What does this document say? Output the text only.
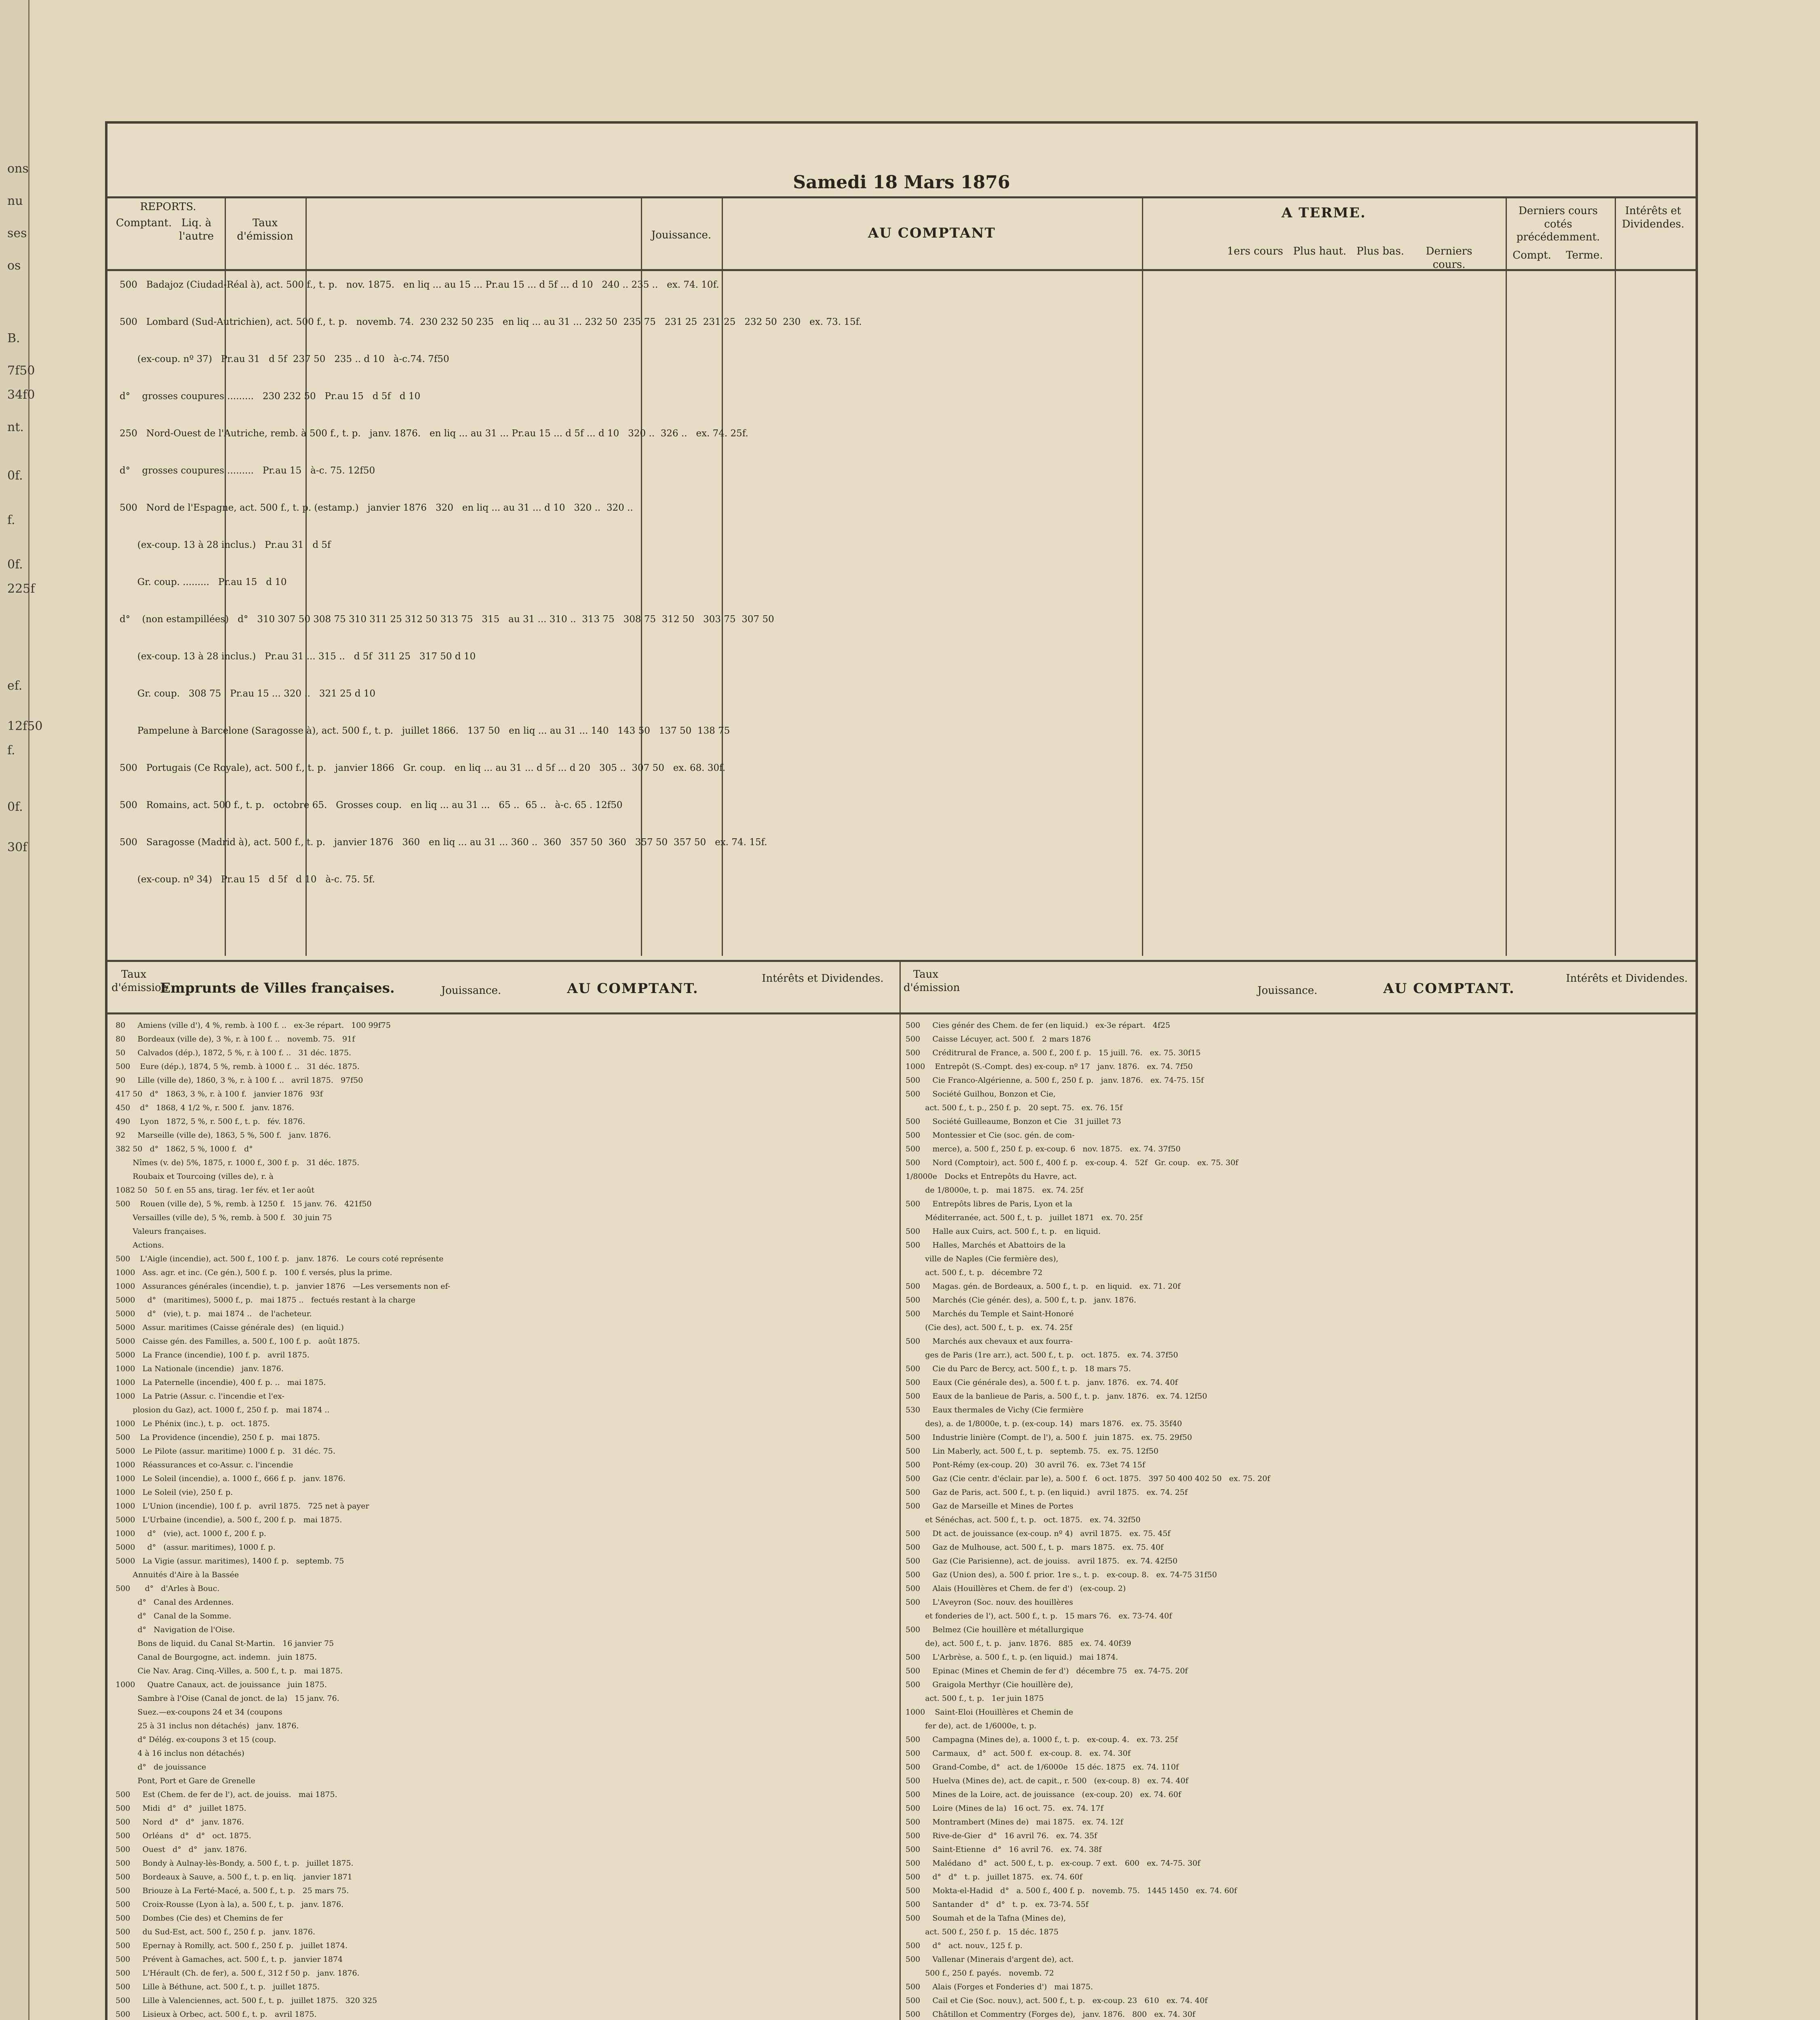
ons
nu
ses
os
B.
7f50
34f0
nt.
0f.
f.
0f.
225f
ef.
12f50
f.
0f.
30f
Samedi 18 Mars 1876
REPORTS.
Comptant. Liq. à l'autre
Taux d'émission	Jouissance.	AU COMPTANT
A TERME.
1ers cours Plus haut. Plus bas.	Derniers cours.
Derniers cours cotés précédemment.
Compt.	Terme.
Intérêts et Dividendes.
500   Badajoz (Ciudad-Réal à), act. 500 f., t. p.   nov. 1875.   en liq ... au 15 ... Pr.au 15 ... d 5f ... d 10   240 .. 235 ..   ex. 74. 10f.
500   Lombard (Sud-Autrichien), act. 500 f., t. p.   novemb. 74.  230 232 50 235   en liq ... au 31 ... 232 50  235 75   231 25  231 25   232 50  230   ex. 73. 15f.
(ex-coup. nº 37)   Pr.au 31   d 5f  237 50   235 .. d 10   à-c.74. 7f50
d°    grosses coupures .........   230 232 50   Pr.au 15   d 5f   d 10
250   Nord-Ouest de l'Autriche, remb. à 500 f., t. p.   janv. 1876.   en liq ... au 31 ... Pr.au 15 ... d 5f ... d 10   320 ..  326 ..   ex. 74. 25f.
d°    grosses coupures .........   Pr.au 15   à-c. 75. 12f50
500   Nord de l'Espagne, act. 500 f., t. p. (estamp.)   janvier 1876   320   en liq ... au 31 ... d 10   320 ..  320 ..
(ex-coup. 13 à 28 inclus.)   Pr.au 31   d 5f
Gr. coup. .........   Pr.au 15   d 10
d°    (non estampillées)   d°   310 307 50 308 75 310 311 25 312 50 313 75   315   au 31 ... 310 ..  313 75   308 75  312 50   303 75  307 50
(ex-coup. 13 à 28 inclus.)   Pr.au 31 ... 315 ..   d 5f  311 25   317 50 d 10
Gr. coup.   308 75   Pr.au 15 ... 320 ..   321 25 d 10
Pampelune à Barcelone (Saragosse à), act. 500 f., t. p.   juillet 1866.   137 50   en liq ... au 31 ... 140   143 50   137 50  138 75
500   Portugais (Ce Royale), act. 500 f., t. p.   janvier 1866   Gr. coup.   en liq ... au 31 ... d 5f ... d 20   305 ..  307 50   ex. 68. 30f.
500   Romains, act. 500 f., t. p.   octobre 65.   Grosses coup.   en liq ... au 31 ...   65 ..  65 ..   à-c. 65 . 12f50
500   Saragosse (Madrid à), act. 500 f., t. p.   janvier 1876   360   en liq ... au 31 ... 360 ..  360   357 50  360   357 50  357 50   ex. 74. 15f.
(ex-coup. nº 34)   Pr.au 15   d 5f   d 10   à-c. 75. 5f.
Taux d'émission
Emprunts de Villes françaises.	Jouissance.	AU COMPTANT.
Intérêts et Dividendes.	Taux d'émission	Jouissance.	AU COMPTANT.
Intérêts et Dividendes.
80     Amiens (ville d'), 4 %, remb. à 100 f. ..   ex-3e répart.   100 99f75
80     Bordeaux (ville de), 3 %, r. à 100 f. ..   novemb. 75.   91f
50     Calvados (dép.), 1872, 5 %, r. à 100 f. ..   31 déc. 1875.
500    Eure (dép.), 1874, 5 %, remb. à 1000 f. ..   31 déc. 1875.
90     Lille (ville de), 1860, 3 %, r. à 100 f. ..   avril 1875.   97f50
417 50   d°   1863, 3 %, r. à 100 f.   janvier 1876   93f
450    d°   1868, 4 1/2 %, r. 500 f.   janv. 1876.
490    Lyon   1872, 5 %, r. 500 f., t. p.   fév. 1876.
92     Marseille (ville de), 1863, 5 %, 500 f.   janv. 1876.
382 50   d°   1862, 5 %, 1000 f.   d°
Nîmes (v. de) 5%, 1875, r. 1000 f., 300 f. p.   31 déc. 1875.
Roubaix et Tourcoing (villes de), r. à
1082 50   50 f. en 55 ans, tirag. 1er fév. et 1er août
500    Rouen (ville de), 5 %, remb. à 1250 f.   15 janv. 76.   421f50
Versailles (ville de), 5 %, remb. à 500 f.   30 juin 75
Valeurs françaises.
Actions.
500    L'Aigle (incendie), act. 500 f., 100 f. p.   janv. 1876.   Le cours coté représente
1000   Ass. agr. et inc. (Ce gén.), 500 f. p.   100 f. versés, plus la prime.
1000   Assurances générales (incendie), t. p.   janvier 1876   —Les versements non ef-
5000     d°   (maritimes), 5000 f., p.   mai 1875 ..   fectués restant à la charge
5000     d°   (vie), t. p.   mai 1874 ..   de l'acheteur.
5000   Assur. maritimes (Caisse générale des)   (en liquid.)
5000   Caisse gén. des Familles, a. 500 f., 100 f. p.   août 1875.
5000   La France (incendie), 100 f. p.   avril 1875.
1000   La Nationale (incendie)   janv. 1876.
1000   La Paternelle (incendie), 400 f. p. ..   mai 1875.
1000   La Patrie (Assur. c. l'incendie et l'ex-
plosion du Gaz), act. 1000 f., 250 f. p.   mai 1874 ..
1000   Le Phénix (inc.), t. p.   oct. 1875.
500    La Providence (incendie), 250 f. p.   mai 1875.
5000   Le Pilote (assur. maritime) 1000 f. p.   31 déc. 75.
1000   Réassurances et co-Assur. c. l'incendie
1000   Le Soleil (incendie), a. 1000 f., 666 f. p.   janv. 1876.
1000   Le Soleil (vie), 250 f. p.
1000   L'Union (incendie), 100 f. p.   avril 1875.   725 net à payer
5000   L'Urbaine (incendie), a. 500 f., 200 f. p.   mai 1875.
1000     d°   (vie), act. 1000 f., 200 f. p.
5000     d°   (assur. maritimes), 1000 f. p.
5000   La Vigie (assur. maritimes), 1400 f. p.   septemb. 75
Annuités d'Aire à la Bassée
500      d°   d'Arles à Bouc.
d°   Canal des Ardennes.
d°   Canal de la Somme.
d°   Navigation de l'Oise.
Bons de liquid. du Canal St-Martin.   16 janvier 75
Canal de Bourgogne, act. indemn.   juin 1875.
Cie Nav. Arag. Cinq.-Villes, a. 500 f., t. p.   mai 1875.
1000     Quatre Canaux, act. de jouissance   juin 1875.
Sambre à l'Oise (Canal de jonct. de la)   15 janv. 76.
Suez.—ex-coupons 24 et 34 (coupons
25 à 31 inclus non détachés)   janv. 1876.
d° Délég. ex-coupons 3 et 15 (coup.
4 à 16 inclus non détachés)
d°   de jouissance
Pont, Port et Gare de Grenelle
500     Est (Chem. de fer de l'), act. de jouiss.   mai 1875.
500     Midi   d°   d°   juillet 1875.
500     Nord   d°   d°   janv. 1876.
500     Orléans   d°   d°   oct. 1875.
500     Ouest   d°   d°   janv. 1876.
500     Bondy à Aulnay-lès-Bondy, a. 500 f., t. p.   juillet 1875.
500     Bordeaux à Sauve, a. 500 f., t. p. en liq.   janvier 1871
500     Briouze à La Ferté-Macé, a. 500 f., t. p.   25 mars 75.
500     Croix-Rousse (Lyon à la), a. 500 f., t. p.   janv. 1876.
500     Dombes (Cie des) et Chemins de fer
500     du Sud-Est, act. 500 f., 250 f. p.   janv. 1876.
500     Epernay à Romilly, act. 500 f., 250 f. p.   juillet 1874.
500     Prévent à Gamaches, act. 500 f., t. p.   janvier 1874
500     L'Hérault (Ch. de fer), a. 500 f., 312 f 50 p.   janv. 1876.
500     Lille à Béthune, act. 500 f., t. p.   juillet 1875.
500     Lille à Valenciennes, act. 500 f., t. p.   juillet 1875.   320 325
500     Lisieux à Orbec, act. 500 f., t. p.   avril 1875.
500     Cies génér des Chem. de fer (en liquid.)   ex-3e répart.   4f25
500     Caisse Lécuyer, act. 500 f.   2 mars 1876
500     Créditrural de France, a. 500 f., 200 f. p.   15 juill. 76.   ex. 75. 30f15
1000    Entrepôt (S.-Compt. des) ex-coup. nº 17   janv. 1876.   ex. 74. 7f50
500     Cie Franco-Algérienne, a. 500 f., 250 f. p.   janv. 1876.   ex. 74-75. 15f
500     Société Guilhou, Bonzon et Cie,
act. 500 f., t. p., 250 f. p.   20 sept. 75.   ex. 76. 15f
500     Société Guilleaume, Bonzon et Cie   31 juillet 73
500     Montessier et Cie (soc. gén. de com-
500     merce), a. 500 f., 250 f. p. ex-coup. 6   nov. 1875.   ex. 74. 37f50
500     Nord (Comptoir), act. 500 f., 400 f. p.   ex-coup. 4.   52f   Gr. coup.   ex. 75. 30f
1/8000e   Docks et Entrepôts du Havre, act.
de 1/8000e, t. p.   mai 1875.   ex. 74. 25f
500     Entrepôts libres de Paris, Lyon et la
Méditerranée, act. 500 f., t. p.   juillet 1871   ex. 70. 25f
500     Halle aux Cuirs, act. 500 f., t. p.   en liquid.
500     Halles, Marchés et Abattoirs de la
ville de Naples (Cie fermière des),
act. 500 f., t. p.   décembre 72
500     Magas. gén. de Bordeaux, a. 500 f., t. p.   en liquid.   ex. 71. 20f
500     Marchés (Cie génér. des), a. 500 f., t. p.   janv. 1876.
500     Marchés du Temple et Saint-Honoré
(Cie des), act. 500 f., t. p.   ex. 74. 25f
500     Marchés aux chevaux et aux fourra-
ges de Paris (1re arr.), act. 500 f., t. p.   oct. 1875.   ex. 74. 37f50
500     Cie du Parc de Bercy, act. 500 f., t. p.   18 mars 75.
500     Eaux (Cie générale des), a. 500 f. t. p.   janv. 1876.   ex. 74. 40f
500     Eaux de la banlieue de Paris, a. 500 f., t. p.   janv. 1876.   ex. 74. 12f50
530     Eaux thermales de Vichy (Cie fermière
des), a. de 1/8000e, t. p. (ex-coup. 14)   mars 1876.   ex. 75. 35f40
500     Industrie linière (Compt. de l'), a. 500 f.   juin 1875.   ex. 75. 29f50
500     Lin Maberly, act. 500 f., t. p.   septemb. 75.   ex. 75. 12f50
500     Pont-Rémy (ex-coup. 20)   30 avril 76.   ex. 73et 74 15f
500     Gaz (Cie centr. d'éclair. par le), a. 500 f.   6 oct. 1875.   397 50 400 402 50   ex. 75. 20f
500     Gaz de Paris, act. 500 f., t. p. (en liquid.)   avril 1875.   ex. 74. 25f
500     Gaz de Marseille et Mines de Portes
et Sénéchas, act. 500 f., t. p.   oct. 1875.   ex. 74. 32f50
500     Dt act. de jouissance (ex-coup. nº 4)   avril 1875.   ex. 75. 45f
500     Gaz de Mulhouse, act. 500 f., t. p.   mars 1875.   ex. 75. 40f
500     Gaz (Cie Parisienne), act. de jouiss.   avril 1875.   ex. 74. 42f50
500     Gaz (Union des), a. 500 f. prior. 1re s., t. p.   ex-coup. 8.   ex. 74-75 31f50
500     Alais (Houillères et Chem. de fer d')   (ex-coup. 2)
500     L'Aveyron (Soc. nouv. des houillères
et fonderies de l'), act. 500 f., t. p.   15 mars 76.   ex. 73-74. 40f
500     Belmez (Cie houillère et métallurgique
de), act. 500 f., t. p.   janv. 1876.   885   ex. 74. 40f39
500     L'Arbrèse, a. 500 f., t. p. (en liquid.)   mai 1874.
500     Epinac (Mines et Chemin de fer d')   décembre 75   ex. 74-75. 20f
500     Graigola Merthyr (Cie houillère de),
act. 500 f., t. p.   1er juin 1875
1000    Saint-Eloi (Houillères et Chemin de
fer de), act. de 1/6000e, t. p.
500     Campagna (Mines de), a. 1000 f., t. p.   ex-coup. 4.   ex. 73. 25f
500     Carmaux,   d°   act. 500 f.   ex-coup. 8.   ex. 74. 30f
500     Grand-Combe, d°   act. de 1/6000e   15 déc. 1875   ex. 74. 110f
500     Huelva (Mines de), act. de capit., r. 500   (ex-coup. 8)   ex. 74. 40f
500     Mines de la Loire, act. de jouissance   (ex-coup. 20)   ex. 74. 60f
500     Loire (Mines de la)   16 oct. 75.   ex. 74. 17f
500     Montrambert (Mines de)   mai 1875.   ex. 74. 12f
500     Rive-de-Gier   d°   16 avril 76.   ex. 74. 35f
500     Saint-Etienne   d°   16 avril 76.   ex. 74. 38f
500     Malédano   d°   act. 500 f., t. p.   ex-coup. 7 ext.   600   ex. 74-75. 30f
500     d°   d°   t. p.   juillet 1875.   ex. 74. 60f
500     Mokta-el-Hadid   d°   a. 500 f., 400 f. p.   novemb. 75.   1445 1450   ex. 74. 60f
500     Santander   d°   d°   t. p.   ex. 73-74. 55f
500     Soumah et de la Tafna (Mines de),
act. 500 f., 250 f. p.   15 déc. 1875
500     d°   act. nouv., 125 f. p.
500     Vallenar (Minerais d'argent de), act.
500 f., 250 f. payés.   novemb. 72
500     Alais (Forges et Fonderies d')   mai 1875.
500     Cail et Cie (Soc. nouv.), act. 500 f., t. p.   ex-coup. 23   610   ex. 74. 40f
500     Châtillon et Commentry (Forges de),   janv. 1876.   800   ex. 74. 30f
